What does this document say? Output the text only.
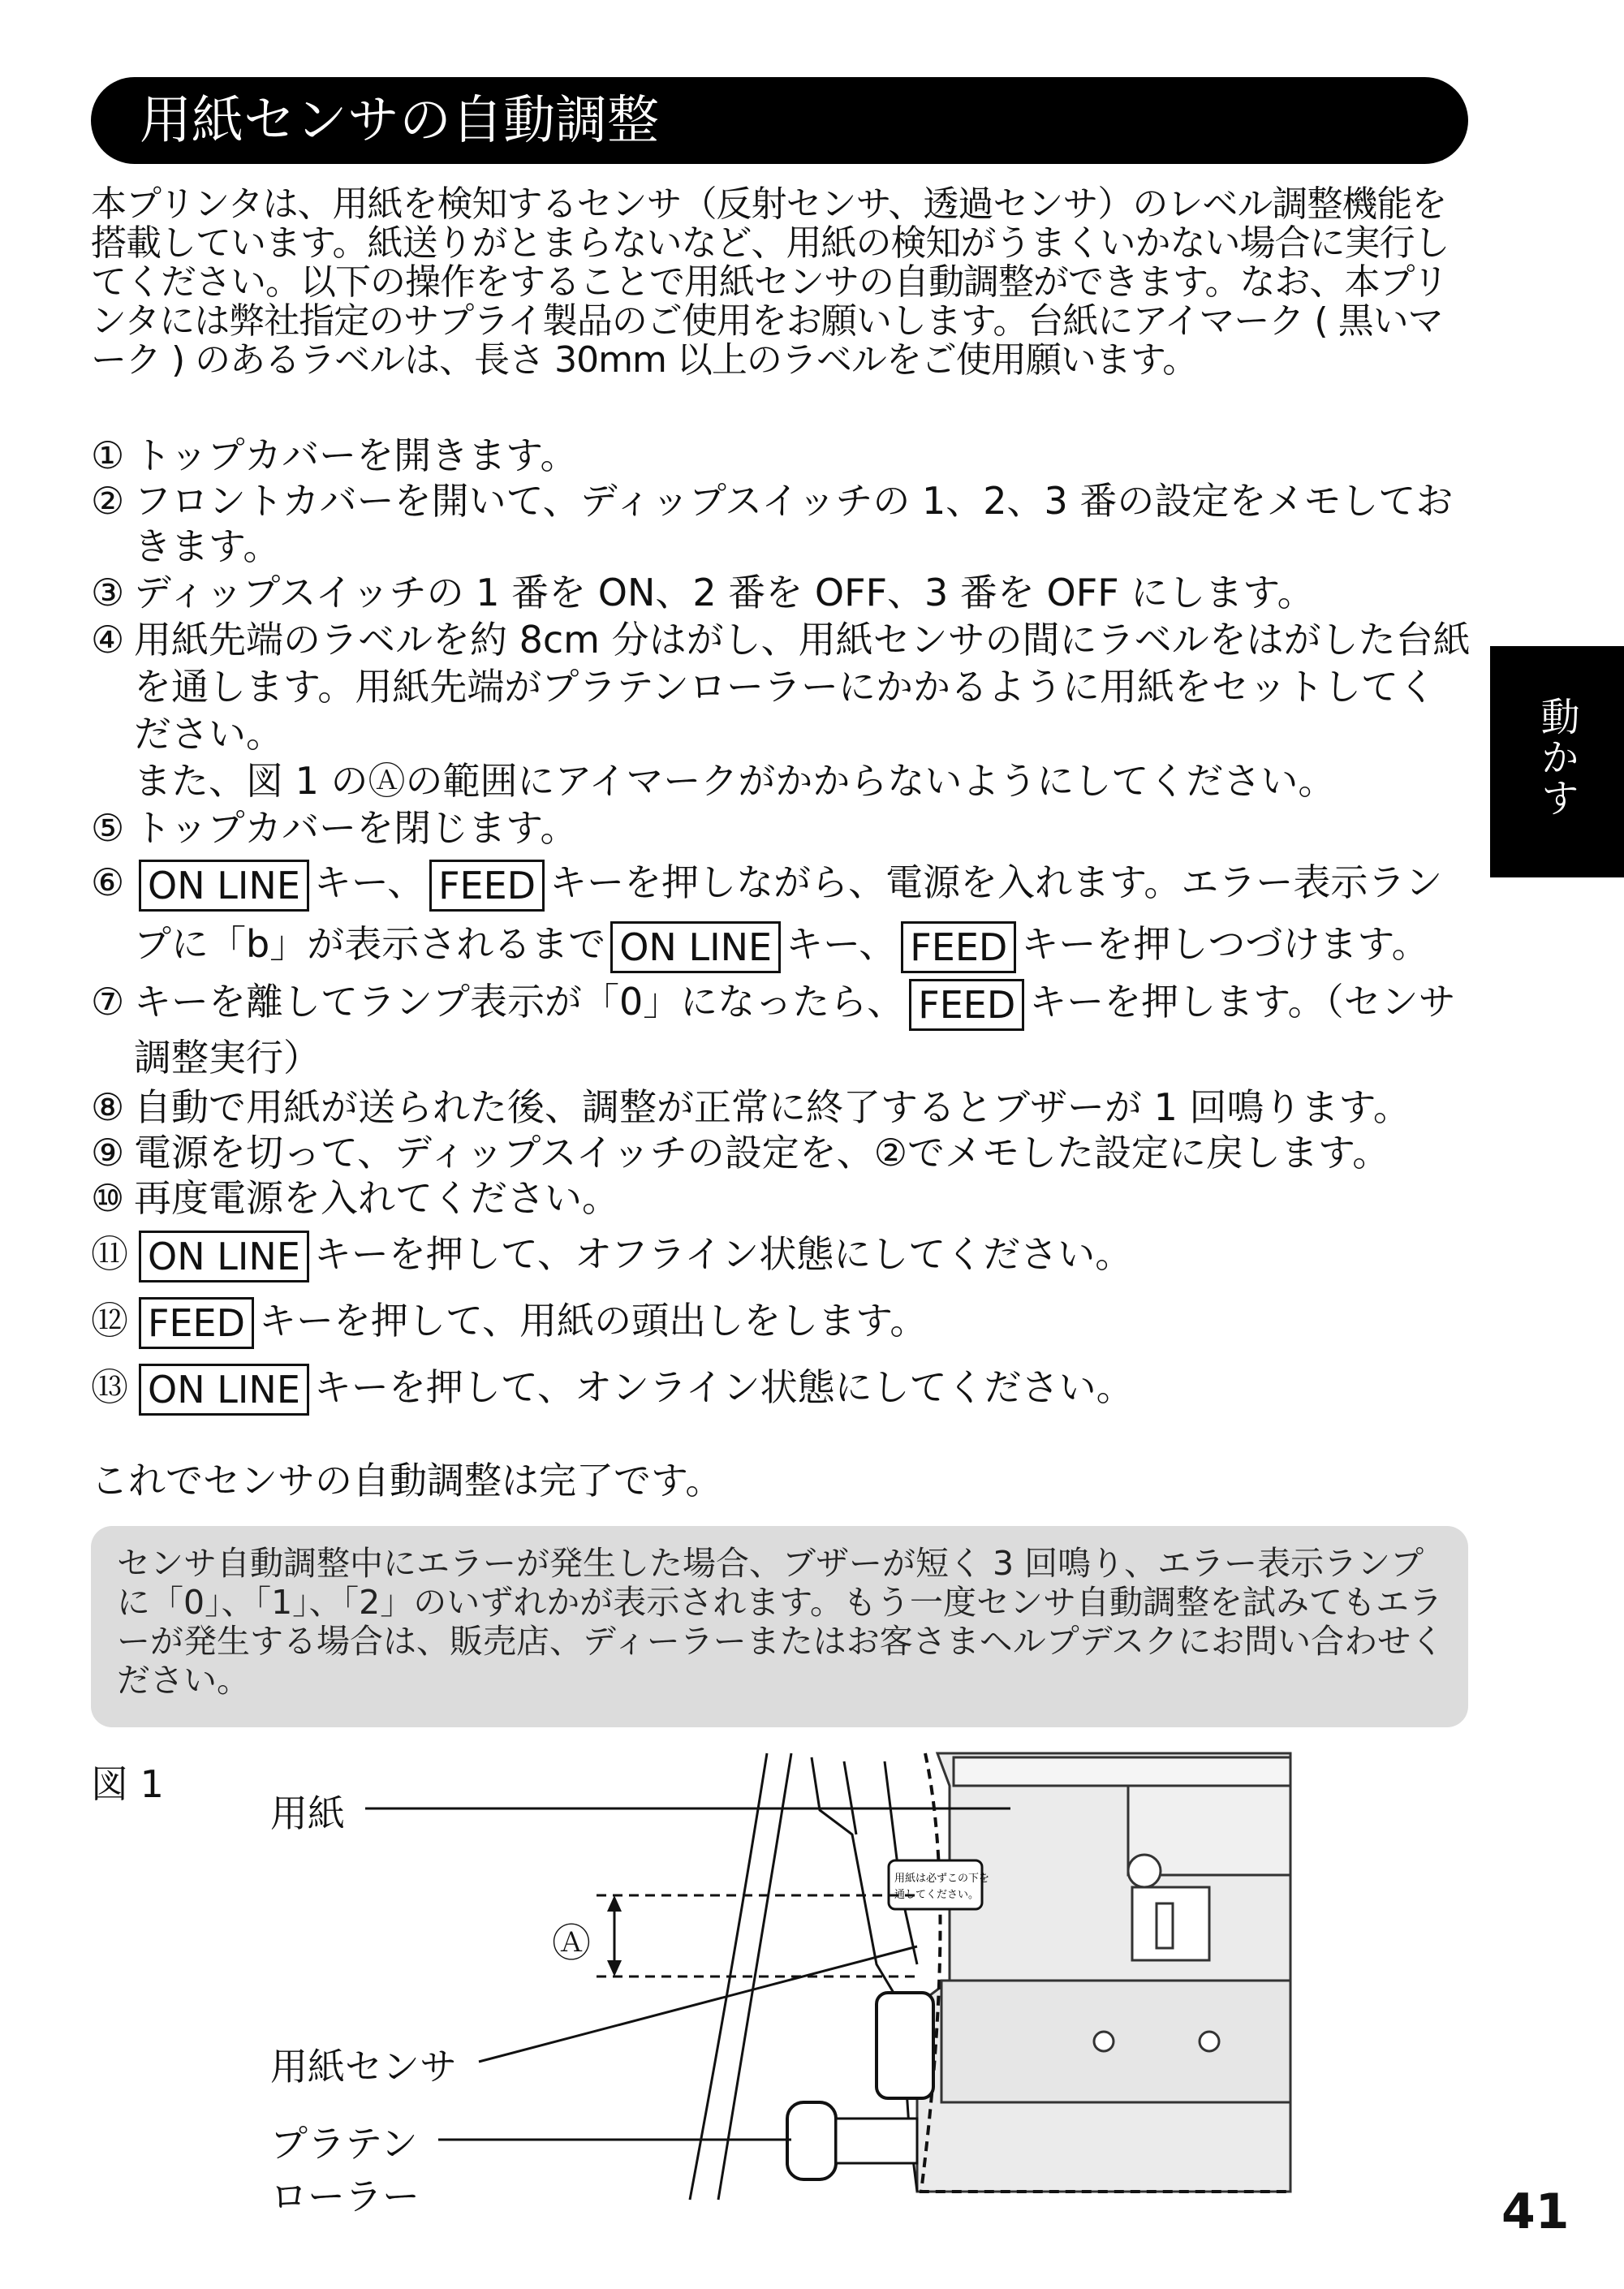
用紙センサの自動調整
動かす

本プリンタは、用紙を検知するセンサ（反射センサ、透過センサ）のレベル調整機能を搭載しています。紙送りがとまらないなど、用紙の検知がうまくいかない場合に実行してください。以下の操作をすることで用紙センサの自動調整ができます。なお、本プリンタには弊社指定のサプライ製品のご使用をお願いします。台紙にアイマーク ( 黒いマーク ) のあるラベルは、長さ 30mm 以上のラベルをご使用願います。

① トップカバーを開きます。

② フロントカバーを開いて、ディップスイッチの 1、2、3 番の設定をメモしておきます。

③ ディップスイッチの 1 番を ON、2 番を OFF、3 番を OFF にします。

④ 用紙先端のラベルを約 8cm 分はがし、用紙センサの間にラベルをはがした台紙を通します。用紙先端がプラテンローラーにかかるように用紙をセットしてください。
また、図 1 のⒶの範囲にアイマークがかからないようにしてください。

⑤ トップカバーを閉じます。

⑥ ON LINE キー、 FEED キーを押しながら、電源を入れます。エラー表示ランプに「b」が表示されるまで ON LINE キー、 FEED キーを押しつづけます。

⑦ キーを離してランプ表示が「0」になったら、 FEED キーを押します。（センサ調整実行）

⑧ 自動で用紙が送られた後、調整が正常に終了するとブザーが 1 回鳴ります。

⑨ 電源を切って、ディップスイッチの設定を、②でメモした設定に戻します。

⑩ 再度電源を入れてください。

⑪ ON LINE キーを押して、オフライン状態にしてください。

⑫ FEED キーを押して、用紙の頭出しをします。

⑬ ON LINE キーを押して、オンライン状態にしてください。

これでセンサの自動調整は完了です。

センサ自動調整中にエラーが発生した場合、ブザーが短く 3 回鳴り、エラー表示ランプに「0」、「1」、「2」のいずれかが表示されます。もう一度センサ自動調整を試みてもエラーが発生する場合は、販売店、ディーラーまたはお客さまヘルプデスクにお問い合わせください。

図 1
用紙は必ずこの下を
通してください。
用紙
Ⓐ
用紙センサ
プラテン
ローラー	41
